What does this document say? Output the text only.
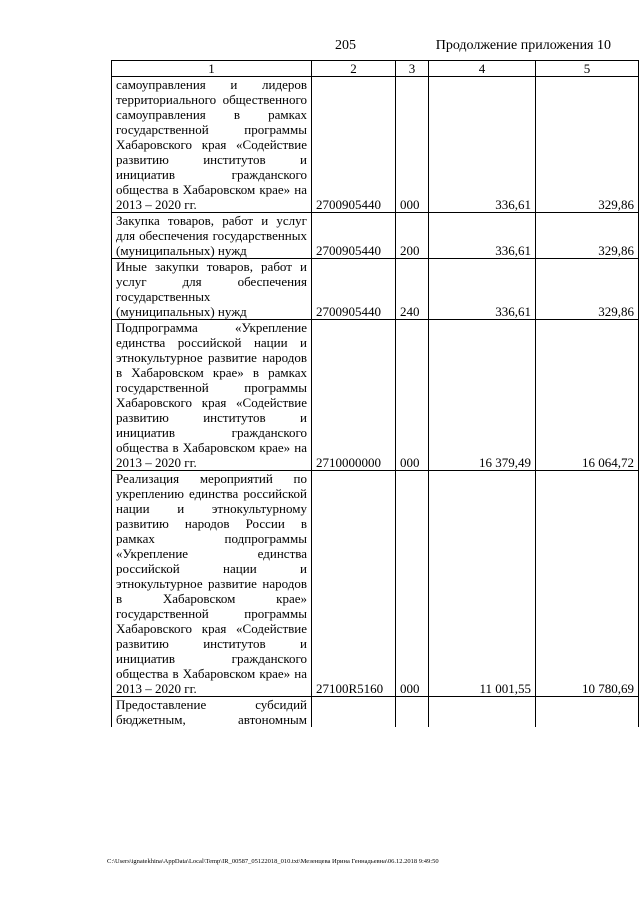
205	Продолжение приложения 10
1	2	3	4	5
самоуправления и лидеров территориального общественного самоуправления в рамках государственной программы Хабаровского края «Содействие развитию институтов и инициатив гражданского общества в Хабаровском крае» на 2013 – 2020 гг.	2700905440	000	336,61	329,86
Закупка товаров, работ и услуг для обеспечения государственных (муниципальных) нужд	2700905440	200	336,61	329,86
Иные закупки товаров, работ и услуг для обеспечения государственных (муниципальных) нужд	2700905440	240	336,61	329,86
Подпрограмма «Укрепление единства российской нации и этнокультурное развитие народов в Хабаровском крае» в рамках государственной программы Хабаровского края «Содействие развитию институтов и инициатив гражданского общества в Хабаровском крае» на 2013 – 2020 гг.	2710000000	000	16 379,49	16 064,72
Реализация мероприятий по укреплению единства российской нации и этнокультурному развитию народов России в рамках подпрограммы «Укрепление единства российской нации и этнокультурное развитие народов в Хабаровском крае» государственной программы Хабаровского края «Содействие развитию институтов и инициатив гражданского общества в Хабаровском крае» на 2013 – 2020 гг.	27100R5160	000	11 001,55	10 780,69
Предоставление субсидий бюджетным, автономным				
C:\Users\ignatekhina\AppData\Local\Temp\IR_00587_05122018_010.txt\Мезенцева Ирина Геннадьевна\06.12.2018 9:49:50
